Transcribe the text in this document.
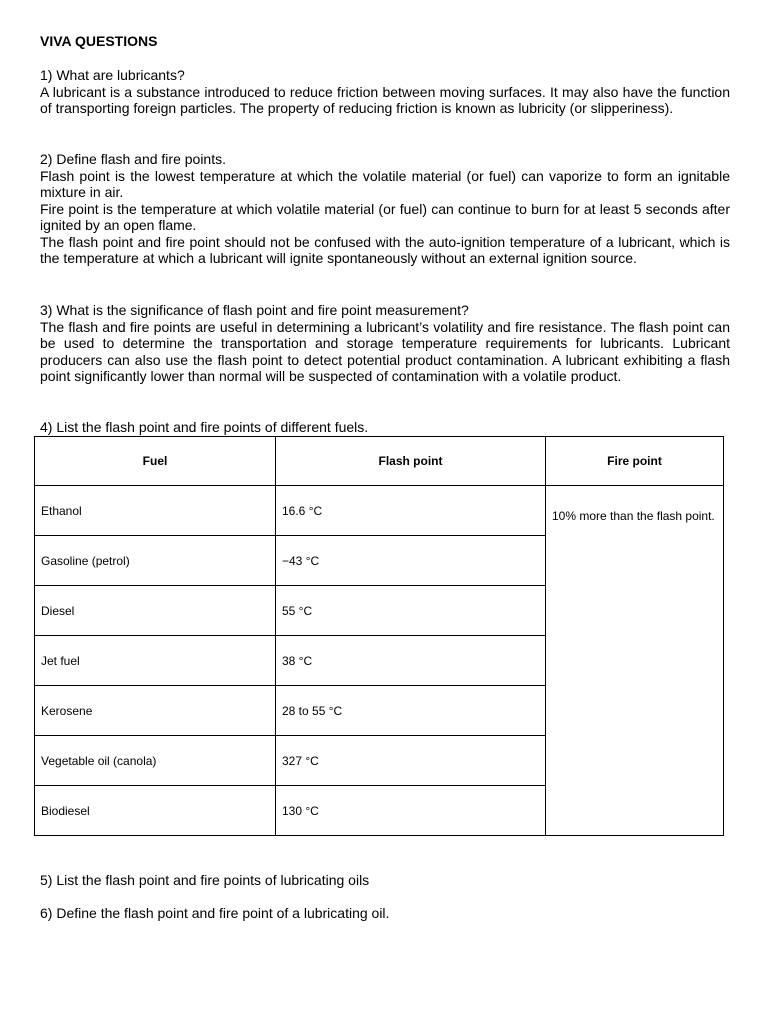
VIVA QUESTIONS

1) What are lubricants?

A lubricant is a substance introduced to reduce friction between moving surfaces. It may also have the function of transporting foreign particles. The property of reducing friction is known as lubricity (or slipperiness).

2) Define flash and fire points.

Flash point is the lowest temperature at which the volatile material (or fuel) can vaporize to form an ignitable mixture in air.

Fire point is the temperature at which volatile material (or fuel) can continue to burn for at least 5 seconds after ignited by an open flame.

The flash point and fire point should not be confused with the auto-ignition temperature of a lubricant, which is the temperature at which a lubricant will ignite spontaneously without an external ignition source.

3) What is the significance of flash point and fire point measurement?

The flash and fire points are useful in determining a lubricant’s volatility and fire resistance. The flash point can be used to determine the transportation and storage temperature requirements for lubricants. Lubricant producers can also use the flash point to detect potential product contamination. A lubricant exhibiting a flash point significantly lower than normal will be suspected of contamination with a volatile product.

4) List the flash point and fire points of different fuels.

Fuel	Flash point	Fire point
Ethanol	16.6 °C	10% more than the flash point.
Gasoline (petrol)	−43 °C	
Diesel	55 °C	
Jet fuel	38 °C	
Kerosene	28 to 55 °C	
Vegetable oil (canola)	327 °C	
Biodiesel	130 °C	

5) List the flash point and fire points of lubricating oils

6) Define the flash point and fire point of a lubricating oil.
